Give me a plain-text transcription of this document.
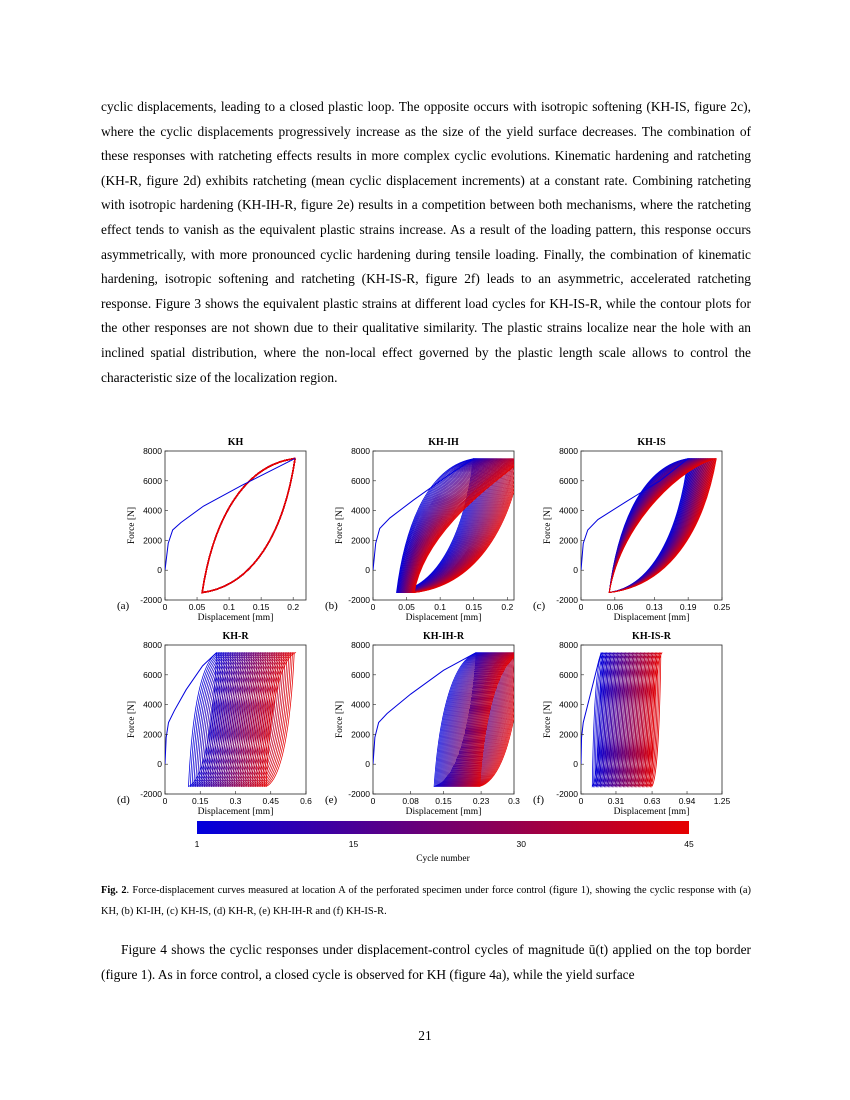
cyclic displacements, leading to a closed plastic loop. The opposite occurs with isotropic softening (KH-IS, figure 2c), where the cyclic displacements progressively increase as the size of the yield surface decreases. The combination of these responses with ratcheting effects results in more complex cyclic evolutions. Kinematic hardening and ratcheting (KH-R, figure 2d) exhibits ratcheting (mean cyclic displacement increments) at a constant rate. Combining ratcheting with isotropic hardening (KH-IH-R, figure 2e) results in a competition between both mechanisms, where the ratcheting effect tends to vanish as the equivalent plastic strains increase. As a result of the loading pattern, this response occurs asymmetrically, with more pronounced cyclic hardening during tensile loading. Finally, the combination of kinematic hardening, isotropic softening and ratcheting (KH-IS-R, figure 2f) leads to an asymmetric, accelerated ratcheting response. Figure 3 shows the equivalent plastic strains at different load cycles for KH-IS-R, while the contour plots for the other responses are not shown due to their qualitative similarity. The plastic strains localize near the hole with an inclined spatial distribution, where the non-local effect governed by the plastic length scale allows to control the characteristic size of the localization region.

0	0.05 0.1 0.15 0.2
-2000
0
2000
4000
6000
8000
KH
Displacement [mm]
Force [N]
(a)	0	0.05 0.1 0.15 0.2
-2000
0
2000
4000
6000
8000
KH-IH
Displacement [mm]
Force [N]
(b)	0	0.06	0.13 0.19 0.25
-2000
0
2000
4000
6000
8000
KH-IS
Displacement [mm]
Force [N]
(c)
0	0.15 0.3 0.45 0.6
-2000
0
2000
4000
6000
8000
KH-R
Displacement [mm]
Force [N]
(d)	0	0.08 0.15 0.23 0.3
-2000
0
2000
4000
6000
8000
KH-IH-R
Displacement [mm]
Force [N]
(e)	0	0.31 0.63 0.94 1.25
-2000
0
2000
4000
6000
8000
KH-IS-R
Displacement [mm]
Force [N]
(f)
1	15	30	45
Cycle number

Fig. 2. Force-displacement curves measured at location A of the perforated specimen under force control (figure 1), showing the cyclic response with (a) KH, (b) KI-IH, (c) KH-IS, (d) KH-R, (e) KH-IH-R and (f) KH-IS-R.

Figure 4 shows the cyclic responses under displacement-control cycles of magnitude ū(t) applied on the top border (figure 1). As in force control, a closed cycle is observed for KH (figure 4a), while the yield surface

21
